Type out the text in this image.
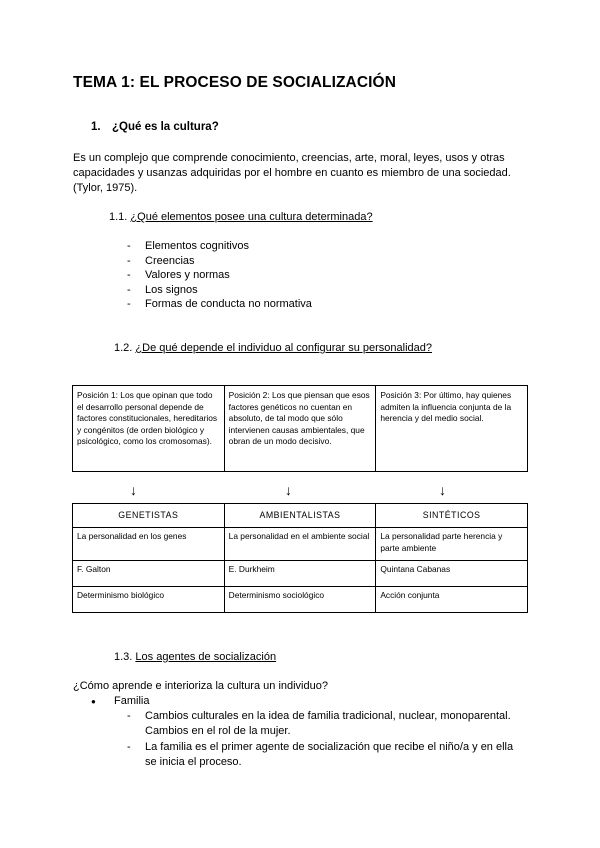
TEMA 1: EL PROCESO DE SOCIALIZACIÓN
1. ¿Qué es la cultura?
Es un complejo que comprende conocimiento, creencias, arte, moral, leyes, usos y otras capacidades y usanzas adquiridas por el hombre en cuanto es miembro de una sociedad. (Tylor, 1975).
1.1. ¿Qué elementos posee una cultura determinada?
- Elementos cognitivos
- Creencias
- Valores y normas
- Los signos
- Formas de conducta no normativa
1.2. ¿De qué depende el individuo al configurar su personalidad?
Posición 1: Los que opinan que todo el desarrollo personal depende de factores constitucionales, hereditarios y congénitos (de orden biológico y psicológico, como los cromosomas).	Posición 2: Los que piensan que esos factores genéticos no cuentan en absoluto, de tal modo que sólo intervienen causas ambientales, que obran de un modo decisivo.	Posición 3: Por último, hay quienes admiten la influencia conjunta de la herencia y del medio social.
↓	↓	↓
GENETISTAS	AMBIENTALISTAS	SINTÉTICOS
La personalidad en los genes	La personalidad en el ambiente social	La personalidad parte herencia y parte ambiente
F. Galton	E. Durkheim	Quintana Cabanas
Determinismo biológico	Determinismo sociológico	Acción conjunta
1.3. Los agentes de socialización
¿Cómo aprende e interioriza la cultura un individuo?
● Familia
-	Cambios culturales en la idea de familia tradicional, nuclear, monoparental. Cambios en el rol de la mujer.
-	La familia es el primer agente de socialización que recibe el niño/a y en ella se inicia el proceso.
